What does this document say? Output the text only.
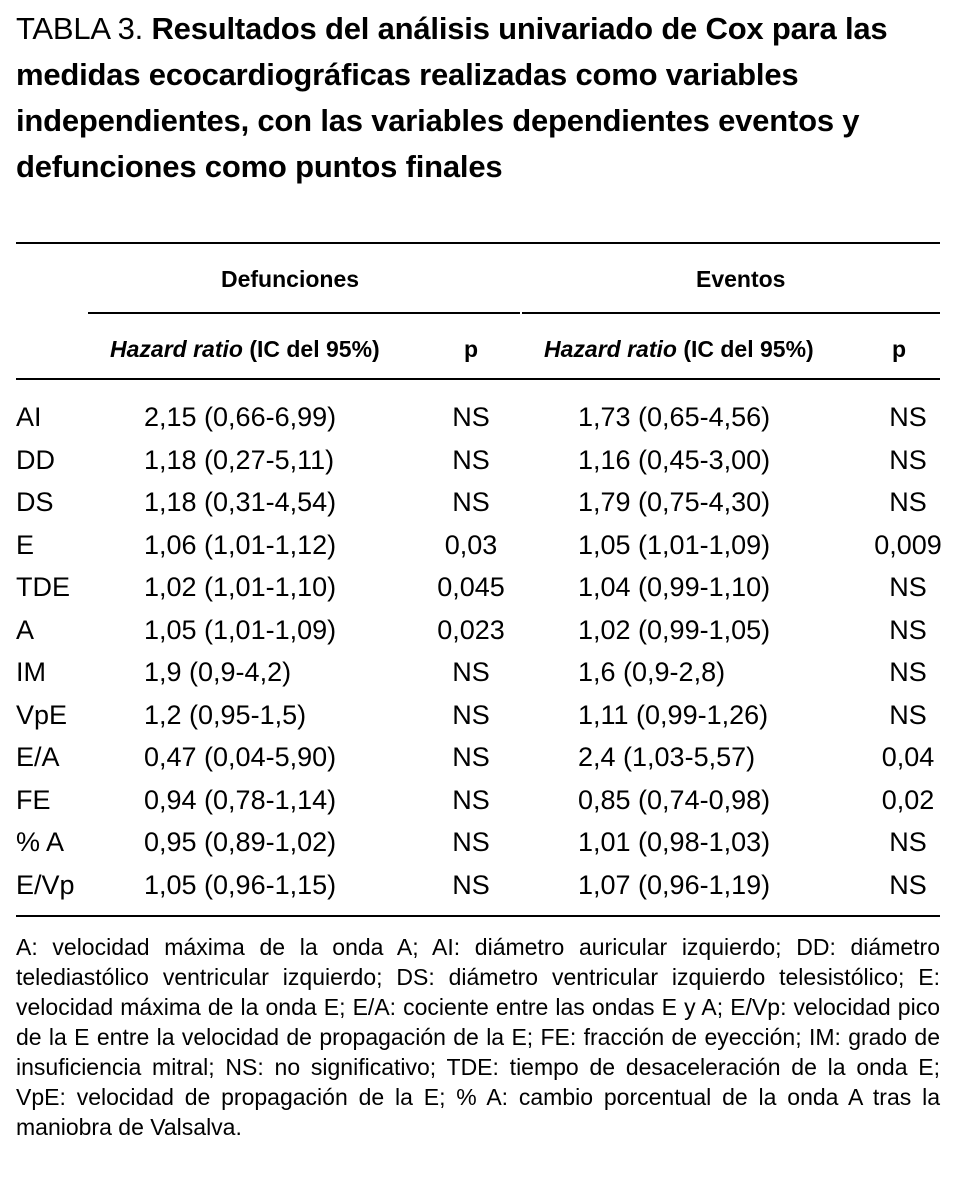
TABLA 3. Resultados del análisis univariado de Cox para las medidas ecocardiográficas realizadas como variables independientes, con las variables dependientes eventos y defunciones como puntos finales
Defunciones	Eventos
Hazard ratio (IC del 95%)	p	Hazard ratio (IC del 95%)	p
AI	2,15 (0,66-6,99)	NS	1,73 (0,65-4,56)	NS
DD	1,18 (0,27-5,11)	NS	1,16 (0,45-3,00)	NS
DS	1,18 (0,31-4,54)	NS	1,79 (0,75-4,30)	NS
E	1,06 (1,01-1,12)	0,03	1,05 (1,01-1,09)	0,009
TDE	1,02 (1,01-1,10)	0,045	1,04 (0,99-1,10)	NS
A	1,05 (1,01-1,09)	0,023	1,02 (0,99-1,05)	NS
IM	1,9 (0,9-4,2)	NS	1,6 (0,9-2,8)	NS
VpE	1,2 (0,95-1,5)	NS	1,11 (0,99-1,26)	NS
E/A	0,47 (0,04-5,90)	NS	2,4 (1,03-5,57)	0,04
FE	0,94 (0,78-1,14)	NS	0,85 (0,74-0,98)	0,02
% A	0,95 (0,89-1,02)	NS	1,01 (0,98-1,03)	NS
E/Vp	1,05 (0,96-1,15)	NS	1,07 (0,96-1,19)	NS

A: velocidad máxima de la onda A; AI: diámetro auricular izquierdo; DD: diámetro telediastólico ventricular izquierdo; DS: diámetro ventricular izquierdo telesistólico; E: velocidad máxima de la onda E; E/A: cociente entre las ondas E y A; E/Vp: velocidad pico de la E entre la velocidad de propagación de la E; FE: fracción de eyección; IM: grado de insuficiencia mitral; NS: no significativo; TDE: tiempo de desaceleración de la onda E; VpE: velocidad de propagación de la E; % A: cambio porcentual de la onda A tras la maniobra de Valsalva.
